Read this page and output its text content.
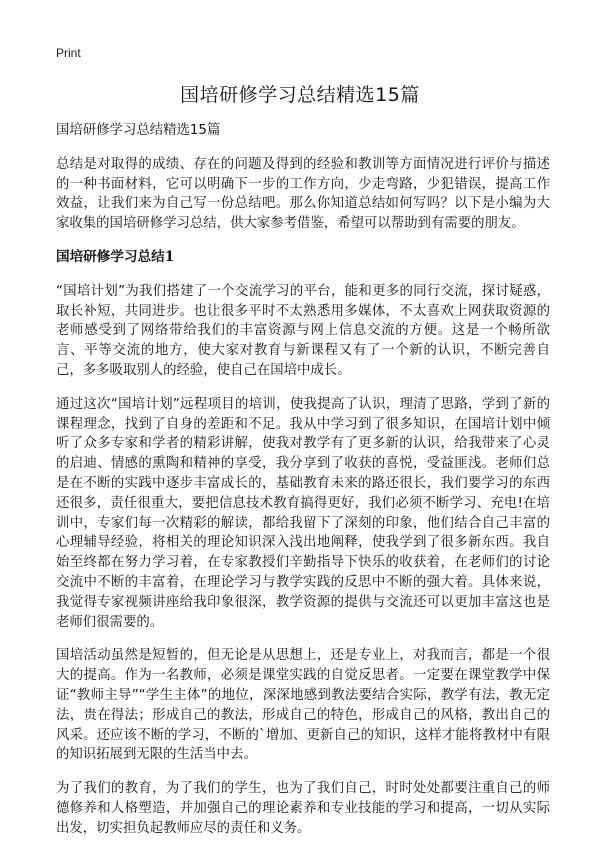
Print
国培研修学习总结精选15篇

国培研修学习总结精选15篇

总结是对取得的成绩、存在的问题及得到的经验和教训等方面情况进行评价与描述的一种书面材料，它可以明确下一步的工作方向，少走弯路，少犯错误，提高工作效益，让我们来为自己写一份总结吧。那么你知道总结如何写吗？以下是小编为大家收集的国培研修学习总结，供大家参考借鉴，希望可以帮助到有需要的朋友。

国培研修学习总结1

“国培计划”为我们搭建了一个交流学习的平台，能和更多的同行交流，探讨疑惑，取长补短，共同进步。也让很多平时不太熟悉用多媒体，不太喜欢上网获取资源的老师感受到了网络带给我们的丰富资源与网上信息交流的方便。这是一个畅所欲言、平等交流的地方，使大家对教育与新课程又有了一个新的认识，不断完善自己，多多吸取别人的经验，使自己在国培中成长。

通过这次“国培计划”远程项目的培训，使我提高了认识，理清了思路，学到了新的课程理念，找到了自身的差距和不足。我从中学习到了很多知识，在国培计划中倾听了众多专家和学者的精彩讲解，使我对教学有了更多新的认识，给我带来了心灵的启迪、情感的熏陶和精神的享受，我分享到了收获的喜悦，受益匪浅。老师们总是在不断的实践中逐步丰富成长的，基础教育未来的路还很长，我们要学习的东西还很多，责任很重大，要把信息技术教育搞得更好，我们必须不断学习、充电!在培训中，专家们每一次精彩的解读，都给我留下了深刻的印象，他们结合自己丰富的心理辅导经验，将相关的理论知识深入浅出地阐释，使我学到了很多新东西。我自始至终都在努力学习着，在专家教授们辛勤指导下快乐的收获着，在老师们的讨论交流中不断的丰富着，在理论学习与教学实践的反思中不断的强大着。具体来说，我觉得专家视频讲座给我印象很深，教学资源的提供与交流还可以更加丰富这也是老师们很需要的。

国培活动虽然是短暂的，但无论是从思想上，还是专业上，对我而言，都是一个很大的提高。作为一名教师，必须是课堂实践的自觉反思者。一定要在课堂教学中保证“教师主导”“学生主体”的地位，深深地感到教法要结合实际，教学有法，教无定法，贵在得法；形成自己的教法，形成自己的特色，形成自己的风格，教出自己的风采。还应该不断的学习，不断的`增加、更新自己的知识，这样才能将教材中有限的知识拓展到无限的生活当中去。

为了我们的教育，为了我们的学生，也为了我们自己，时时处处都要注重自己的师德修养和人格塑造，并加强自己的理论素养和专业技能的学习和提高，一切从实际出发，切实担负起教师应尽的责任和义务。
